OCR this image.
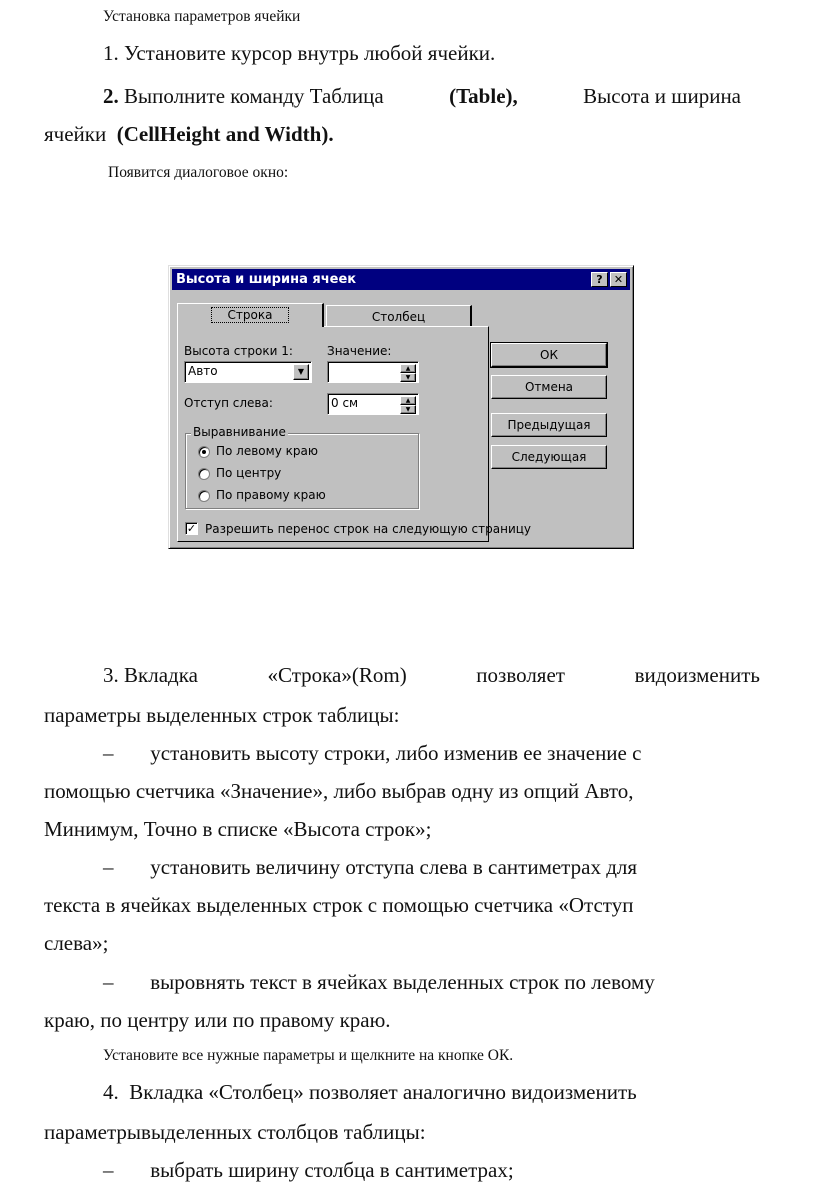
Установка параметров ячейки
1. Установите курсор внутрь любой ячейки.
2. Выполните команду Таблица	(Table),	Высота и ширина
ячейки (CellHeight and Width).
Появится диалоговое окно:
Высота и ширина ячеек	?	✕
Строка	Столбец
Высота строки 1:
Авто	▼
Значение:
▲
▼
Отступ слева:	0 см	▲
▼
Выравнивание
По левому краю
По центру
По правому краю
✓ Разрешить перенос строк на следующую страницу
ОК
Отмена
Предыдущая
Следующая
3. Вкладка	«Строка»(Rom)	позволяет	видоизменить
параметры выделенных строк таблицы:
–       установить высоту строки, либо изменив ее значение с
помощью счетчика «Значение», либо выбрав одну из опций Авто,
Минимум, Точно в списке «Высота строк»;
–       установить величину отступа слева в сантиметрах для
текста в ячейках выделенных строк с помощью счетчика «Отступ
слева»;
–       выровнять текст в ячейках выделенных строк по левому
краю, по центру или по правому краю.
Установите все нужные параметры и щелкните на кнопке ОК.
4.  Вкладка «Столбец» позволяет аналогично видоизменить
параметрывыделенных столбцов таблицы:
–       выбрать ширину столбца в сантиметрах;
